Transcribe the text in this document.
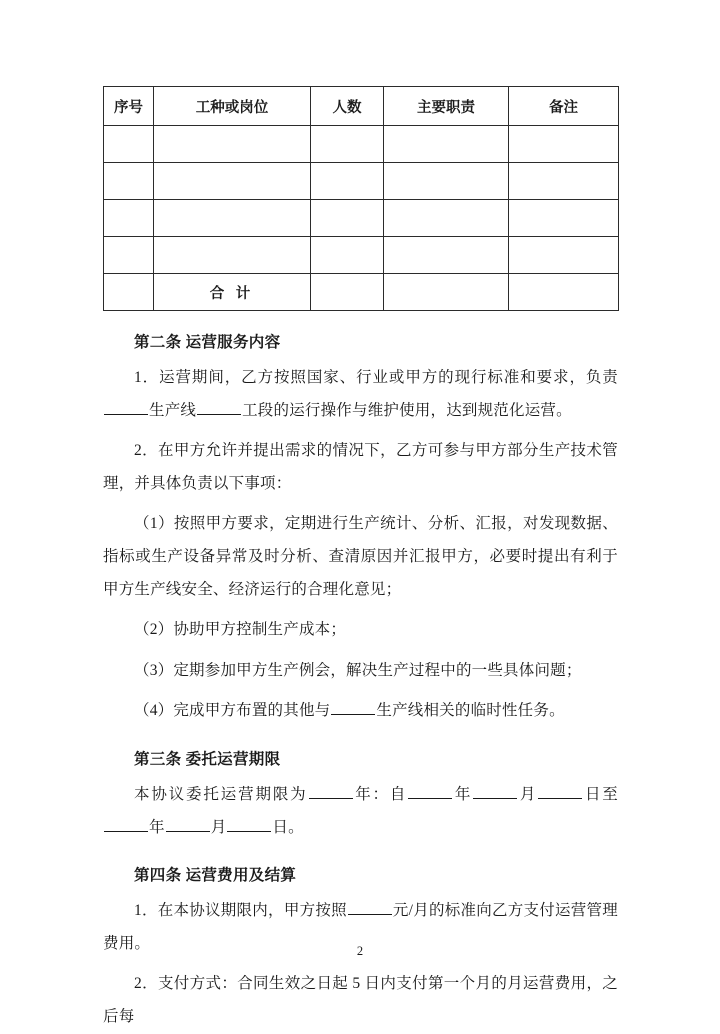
序号	工种或岗位	人数	主要职责	备注

	合 计			
第二条 运营服务内容

1．运营期间，乙方按照国家、行业或甲方的现行标准和要求，负责生产线	工段的运行操作与维护使用，达到规范化运营。

2．在甲方允许并提出需求的情况下，乙方可参与甲方部分生产技术管理，并具体负责以下事项：

（1）按照甲方要求，定期进行生产统计、分析、汇报，对发现数据、指标或生产设备异常及时分析、查清原因并汇报甲方，必要时提出有利于甲方生产线安全、经济运行的合理化意见；

（2）协助甲方控制生产成本；

（3）定期参加甲方生产例会，解决生产过程中的一些具体问题；

（4）完成甲方布置的其他与	生产线相关的临时性任务。

第三条 委托运营期限

本协议委托运营期限为	年：自	年	月	日至年	月	日。

第四条 运营费用及结算

1．在本协议期限内，甲方按照	元/月的标准向乙方支付运营管理费用。

2．支付方式：合同生效之日起 5 日内支付第一个月的月运营费用，之后每

2
